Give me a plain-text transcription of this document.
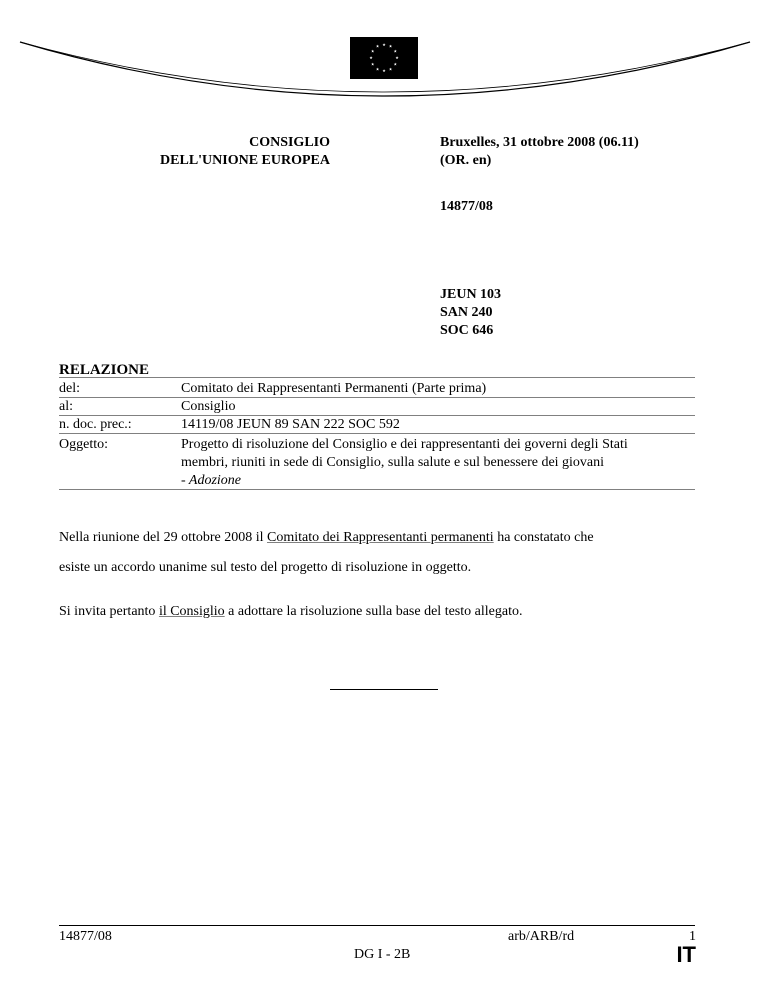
★ ★
★
★
★
★
★
★
★
★
★
★
CONSIGLIO
DELL'UNIONE EUROPEA
Bruxelles, 31 ottobre 2008 (06.11)
(OR. en)
14877/08
JEUN 103
SAN 240
SOC 646
RELAZIONE
del:	Comitato dei Rappresentanti Permanenti (Parte prima)
al:	Consiglio
n. doc. prec.:	14119/08 JEUN 89 SAN 222 SOC 592
Oggetto:	Progetto di risoluzione del Consiglio e dei rappresentanti dei governi degli Stati
membri, riuniti in sede di Consiglio, sulla salute e sul benessere dei giovani
- Adozione
Nella riunione del 29 ottobre 2008 il Comitato dei Rappresentanti permanenti ha constatato che
esiste un accordo unanime sul testo del progetto di risoluzione in oggetto.
Si invita pertanto il Consiglio a adottare la risoluzione sulla base del testo allegato.
14877/08	arb/ARB/rd	1
DG I - 2B	IT
